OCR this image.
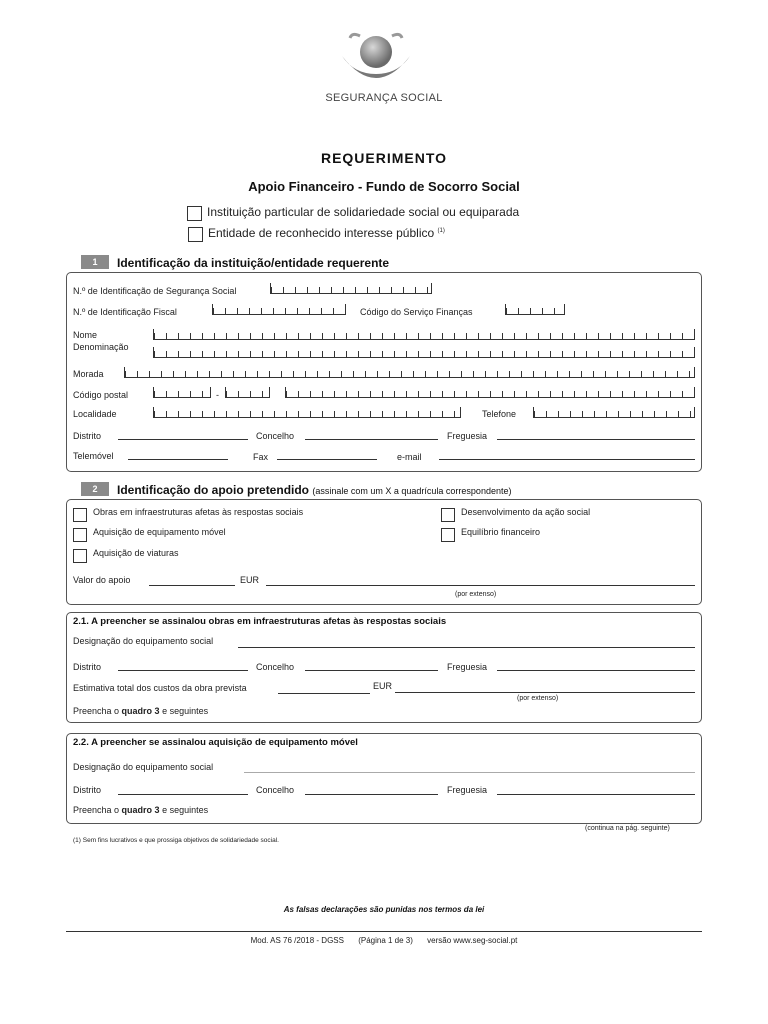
SEGURANÇA SOCIAL
REQUERIMENTO
Apoio Financeiro - Fundo de Socorro Social
Instituição particular de solidariedade social ou equiparada
Entidade de reconhecido interesse público $^{(1)}$
1	Identificação da instituição/entidade requerente
N.º de Identificação de Segurança Social
N.º de Identificação Fiscal	Código do Serviço Finanças
Nome
Denominação
Morada
Código postal	-
Localidade	Telefone
Distrito	Concelho	Freguesia
Telemóvel	Fax	e-mail
2	Identificação do apoio pretendido (assinale com um X a quadrícula correspondente)
Obras em infraestruturas afetas às respostas sociais
Aquisição de equipamento móvel
Aquisição de viaturas
Desenvolvimento da ação social
Equilíbrio financeiro
Valor do apoio	EUR
(por extenso)
2.1. A preencher se assinalou obras em infraestruturas afetas às respostas sociais
Designação do equipamento social
Distrito	Concelho	Freguesia
Estimativa total dos custos da obra prevista	EUR
(por extenso)
Preencha o quadro 3 e seguintes
2.2. A preencher se assinalou aquisição de equipamento móvel
Designação do equipamento social
Distrito	Concelho	Freguesia
Preencha o quadro 3 e seguintes
(continua na pág. seguinte)
(1) Sem fins lucrativos e que prossiga objetivos de solidariedade social.
As falsas declarações são punidas nos termos da lei
Mod. AS 76 /2018 - DGSS (Página 1 de 3) versão www.seg-social.pt
